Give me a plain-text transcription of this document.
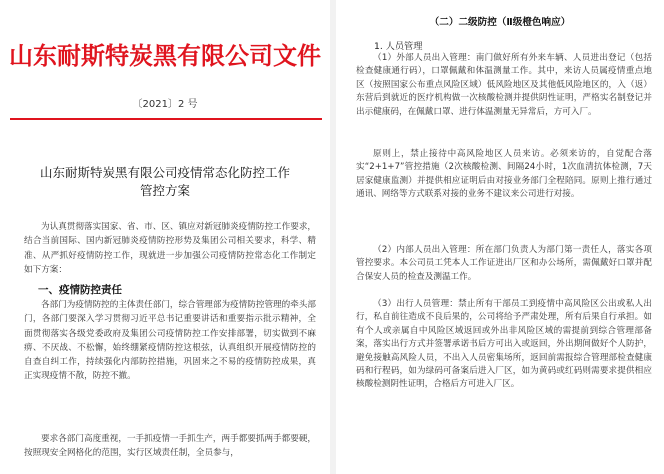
山东耐斯特炭黑有限公司文件
〔2021〕2 号
山东耐斯特炭黑有限公司疫情常态化防控工作
管控方案

为认真贯彻落实国家、省、市、区、镇应对新冠肺炎疫情防控工作要求，结合当前国际、国内新冠肺炎疫情防控形势及集团公司相关要求，科学、精准、从严抓好疫情防控工作，现就进一步加强公司疫情防控常态化工作制定如下方案：

一、疫情防控责任

各部门为疫情防控的主体责任部门，综合管理部为疫情防控管理的牵头部门，各部门要深入学习贯彻习近平总书记重要讲话和重要指示批示精神，全面贯彻落实各级党委政府及集团公司疫情防控工作安排部署，切实做到不麻痹、不厌战、不松懈，始终绷紧疫情防控这根弦，认真组织开展疫情防控的自查自纠工作，持续强化内部防控措施，巩固来之不易的疫情防控成果，真正实现疫情不散，防控不撤。

要求各部门高度重视，一手抓疫情一手抓生产，两手都要抓两手都要硬，按照现安全网格化的范围，实行区域责任制，全员参与，

（二）二级防控（Ⅱ级橙色响应）
1. 人员管理

（1）外部人员出入管理：南门做好所有外来车辆、人员进出登记（包括检查健康通行码），口罩佩戴和体温测量工作。其中，来访人员属疫情重点地区（按照国家公布重点风险区域）低风险地区及其他低风险地区的，入（返）东营后到就近的医疗机构做一次核酸检测并提供阴性证明，严格实名制登记并出示健康码，在佩戴口罩、进行体温测量无异常后，方可入厂。

原则上，禁止接待中高风险地区人员来访。必须来访的，自觉配合落实“2+1+7”管控措施（2次核酸检测、间隔24小时，1次血清抗体检测，7天居家健康监测）并提供相应证明后由对接业务部门全程陪同。原则上推行通过通讯、网络等方式联系对接的业务不建议来公司进行对接。

（2）内部人员出入管理：所在部门负责人为部门第一责任人，落实各项管控要求。本公司员工凭本人工作证进出厂区和办公场所，需佩戴好口罩并配合保安人员的检查及测温工作。

（3）出行人员管理：禁止所有干部员工到疫情中高风险区公出或私人出行，私自前往造成不良后果的，公司将给予严肃处理，所有后果自行承担。如有个人或亲属自中风险区域返回或外出非风险区域的需提前到综合管理部备案，落实出行方式并签署承诺书后方可出入或返回，外出期间做好个人防护，避免接触高风险人员，不出入人员密集场所，返回前需报综合管理部检查健康码和行程码，如为绿码可备案后进入厂区，如为黄码或红码则需要求提供相应核酸检测阴性证明，合格后方可进入厂区。
